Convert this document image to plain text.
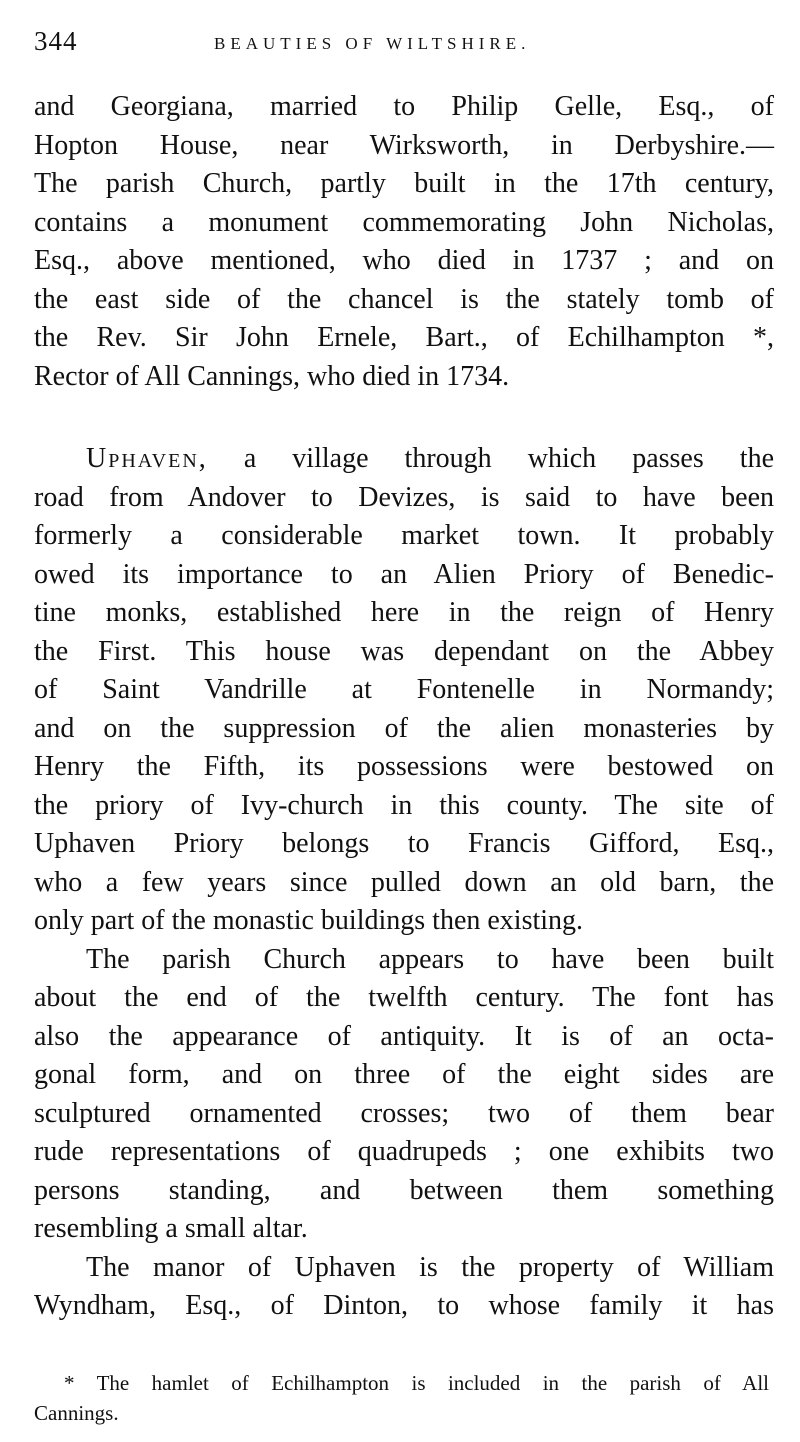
344	BEAUTIES OF WILTSHIRE.
and Georgiana, married to Philip Gelle, Esq., of
Hopton House, near Wirksworth, in Derbyshire.—
The parish Church, partly built in the 17th century,
contains a monument commemorating John Nicholas,
Esq., above mentioned, who died in 1737 ; and on
the east side of the chancel is the stately tomb of
the Rev. Sir John Ernele, Bart., of Echilhampton *,
Rector of All Cannings, who died in 1734.
Uphaven, a village through which passes the
road from Andover to Devizes, is said to have been
formerly a considerable market town. It probably
owed its importance to an Alien Priory of Benedic-
tine monks, established here in the reign of Henry
the First. This house was dependant on the Abbey
of Saint Vandrille at Fontenelle in Normandy;
and on the suppression of the alien monasteries by
Henry the Fifth, its possessions were bestowed on
the priory of Ivy-church in this county. The site of
Uphaven Priory belongs to Francis Gifford, Esq.,
who a few years since pulled down an old barn, the
only part of the monastic buildings then existing.
The parish Church appears to have been built
about the end of the twelfth century. The font has
also the appearance of antiquity. It is of an octa-
gonal form, and on three of the eight sides are
sculptured ornamented crosses; two of them bear
rude representations of quadrupeds ; one exhibits two
persons standing, and between them something
resembling a small altar.
The manor of Uphaven is the property of William
Wyndham, Esq., of Dinton, to whose family it has
* The hamlet of Echilhampton is included in the parish of All
Cannings.
